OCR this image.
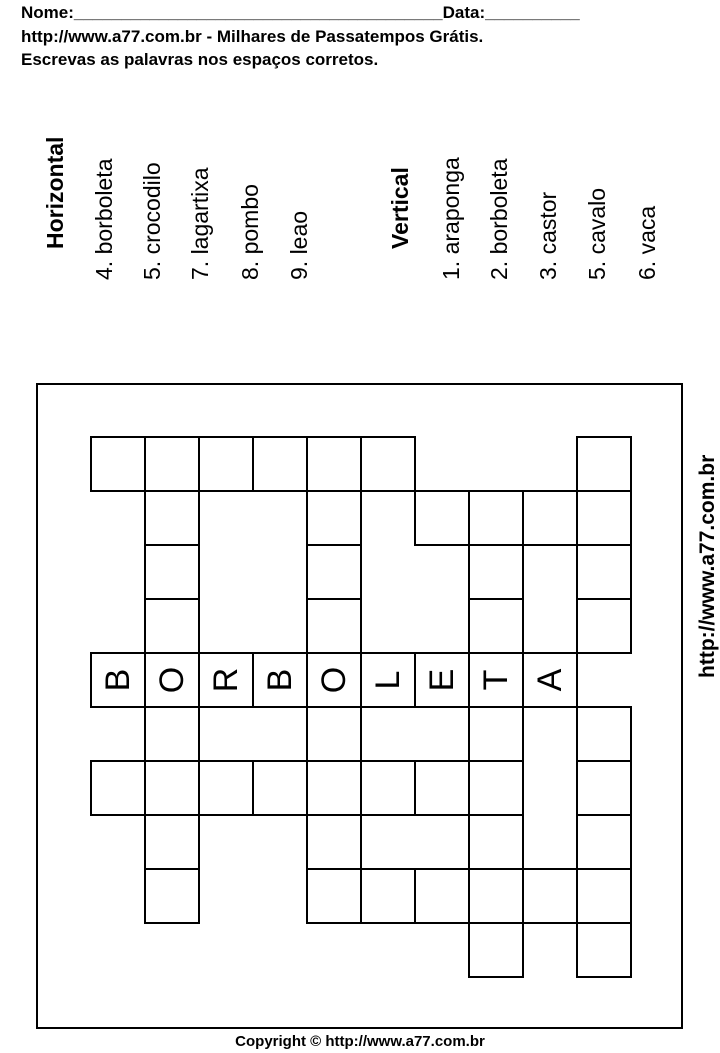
Nome:_______________________________________Data:__________
http://www.a77.com.br - Milhares de Passatempos Grátis.
Escrevas as palavras nos espaços corretos.
Horizontal 4. borboleta 5. crocodilo 7. lagartixa 8. pombo 9. leao	Vertical 1. araponga 2. borboleta 3. castor 5. cavalo 6. vaca
B O R B O L E T A
http://www.a77.com.br
Copyright © http://www.a77.com.br
